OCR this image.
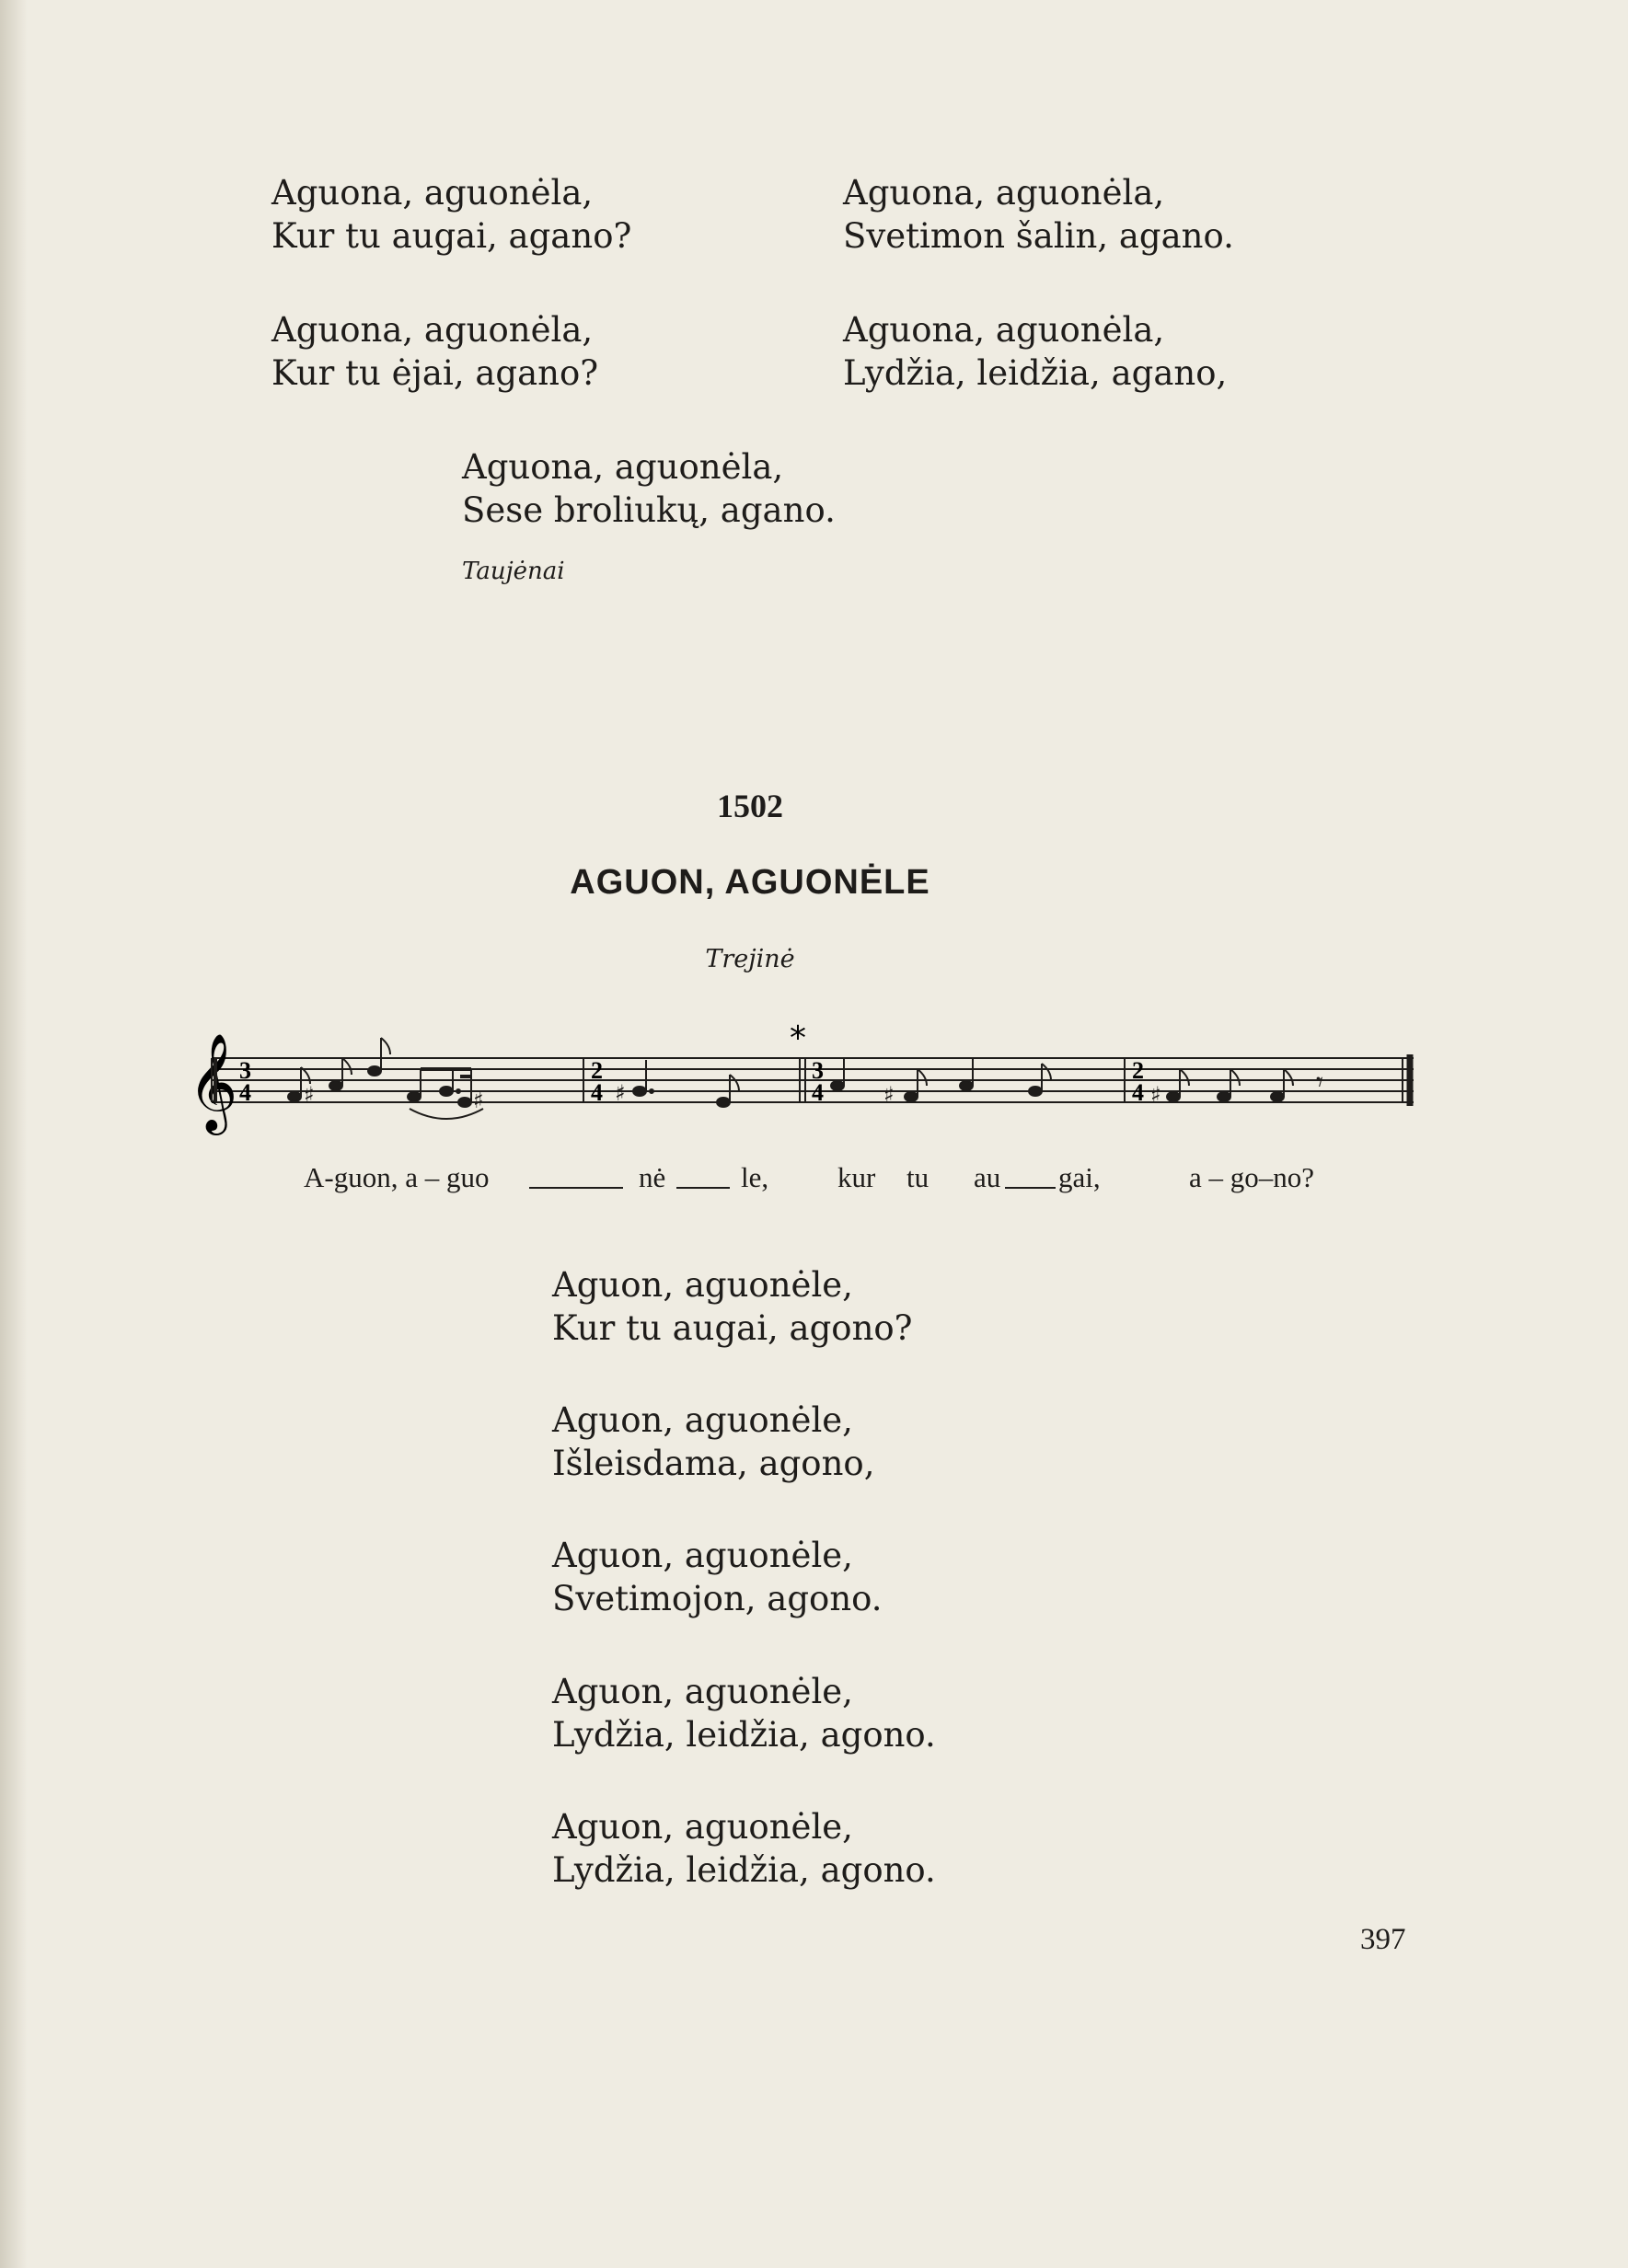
Aguona, aguonėla,
Kur tu augai, agano?
Aguona, aguonėla,
Svetimon šalin, agano.
Aguona, aguonėla,
Kur tu ėjai, agano?
Aguona, aguonėla,
Lydžia, leidžia, agano,
Aguona, aguonėla,
Sese broliukų, agano.
Taujėnai
1502
AGUON, AGUONĖLE
Trejinė
𝄞 3
4
2
4
3
4
2
4
*
♯	♯	♯	♯	♯	𝄾
A-guon, a – guo	nė	le, kur tu au gai,	a – go–no?
Aguon, aguonėle,
Kur tu augai, agono?
Aguon, aguonėle,
Išleisdama, agono,
Aguon, aguonėle,
Svetimojon, agono.
Aguon, aguonėle,
Lydžia, leidžia, agono.
Aguon, aguonėle,
Lydžia, leidžia, agono.
397
